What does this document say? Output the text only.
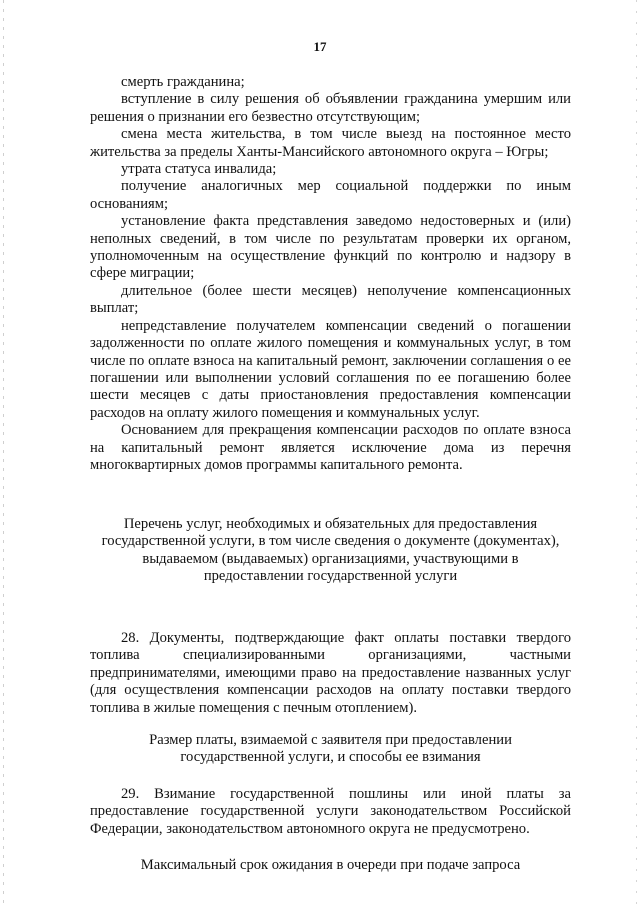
17

смерть гражданина;

вступление в силу решения об объявлении гражданина умершим или решения о признании его безвестно отсутствующим;

смена места жительства, в том числе выезд на постоянное место жительства за пределы Ханты-Мансийского автономного округа – Югры;

утрата статуса инвалида;

получение аналогичных мер социальной поддержки по иным основаниям;

установление факта представления заведомо недостоверных и (или) неполных сведений, в том числе по результатам проверки их органом, уполномоченным на осуществление функций по контролю и надзору в сфере миграции;

длительное (более шести месяцев) неполучение компенсационных выплат;

непредставление получателем компенсации сведений о погашении задолженности по оплате жилого помещения и коммунальных услуг, в том числе по оплате взноса на капитальный ремонт, заключении соглашения о ее погашении или выполнении условий соглашения по ее погашению более шести месяцев с даты приостановления предоставления компенсации расходов на оплату жилого помещения и коммунальных услуг.

Основанием для прекращения компенсации расходов по оплате взноса на капитальный ремонт является исключение дома из перечня многоквартирных домов программы капитального ремонта.

Перечень услуг, необходимых и обязательных для предоставления

государственной услуги, в том числе сведения о документе (документах),

выдаваемом (выдаваемых) организациями, участвующими в

предоставлении государственной услуги

28. Документы, подтверждающие факт оплаты поставки твердого топлива специализированными организациями, частными предпринимателями, имеющими право на предоставление названных услуг (для осуществления компенсации расходов на оплату поставки твердого топлива в жилые помещения с печным отоплением).

Размер платы, взимаемой с заявителя при предоставлении

государственной услуги, и способы ее взимания

29. Взимание государственной пошлины или иной платы за предоставление государственной услуги законодательством Российской Федерации, законодательством автономного округа не предусмотрено.

Максимальный срок ожидания в очереди при подаче запроса
